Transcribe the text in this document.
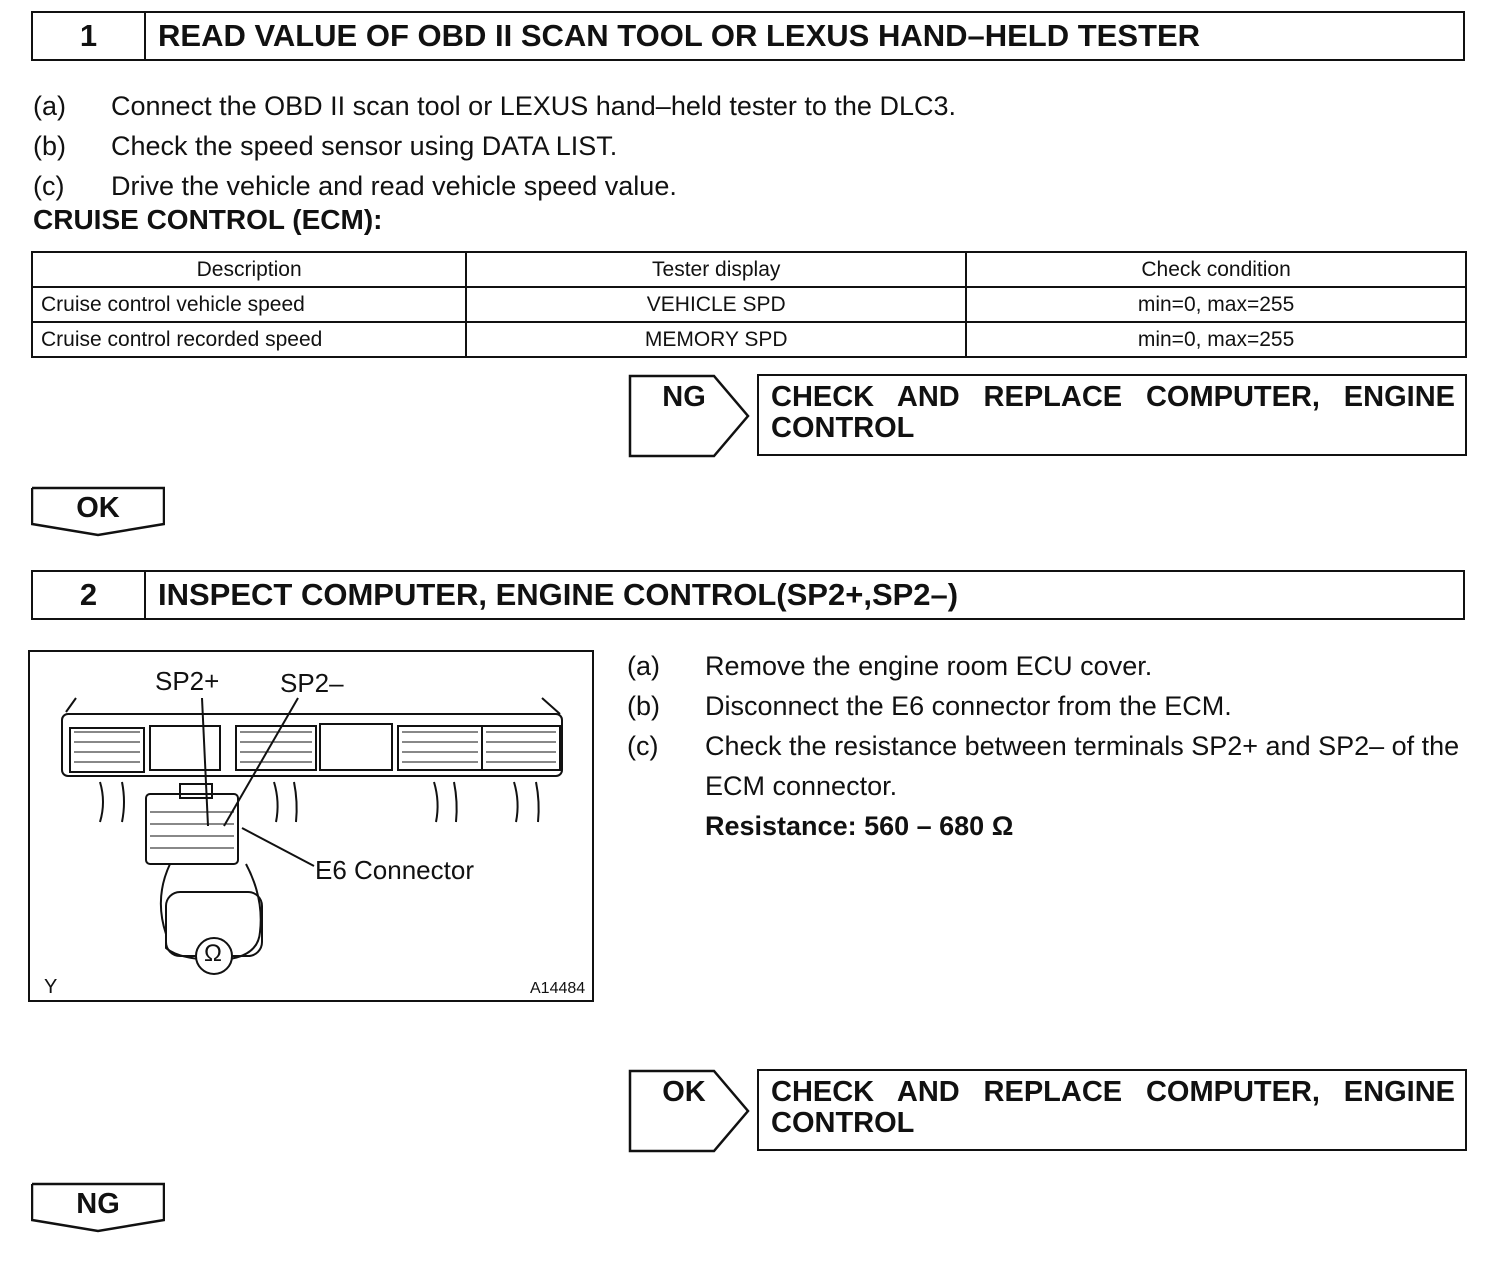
1	READ VALUE OF OBD II SCAN TOOL OR LEXUS HAND–HELD TESTER
(a)	Connect the OBD II scan tool or LEXUS hand–held tester to the DLC3.
(b)	Check the speed sensor using DATA LIST.
(c)	Drive the vehicle and read vehicle speed value.
CRUISE CONTROL (ECM):
Description	Tester display	Check condition
Cruise control vehicle speed	VEHICLE SPD	min=0, max=255
Cruise control recorded speed	MEMORY SPD	min=0, max=255
NG	CHECK AND REPLACE COMPUTER, ENGINE CONTROL
OK
2	INSPECT COMPUTER, ENGINE CONTROL(SP2+,SP2–)
SP2+ SP2–
E6 Connector
Ω
Y	A14484
(a)	Remove the engine room ECU cover.
(b)	Disconnect the E6 connector from the ECM.
(c)	Check the resistance between terminals SP2+ and SP2– of the ECM connector.
Resistance: 560 – 680 Ω
OK	CHECK AND REPLACE COMPUTER, ENGINE CONTROL
NG
